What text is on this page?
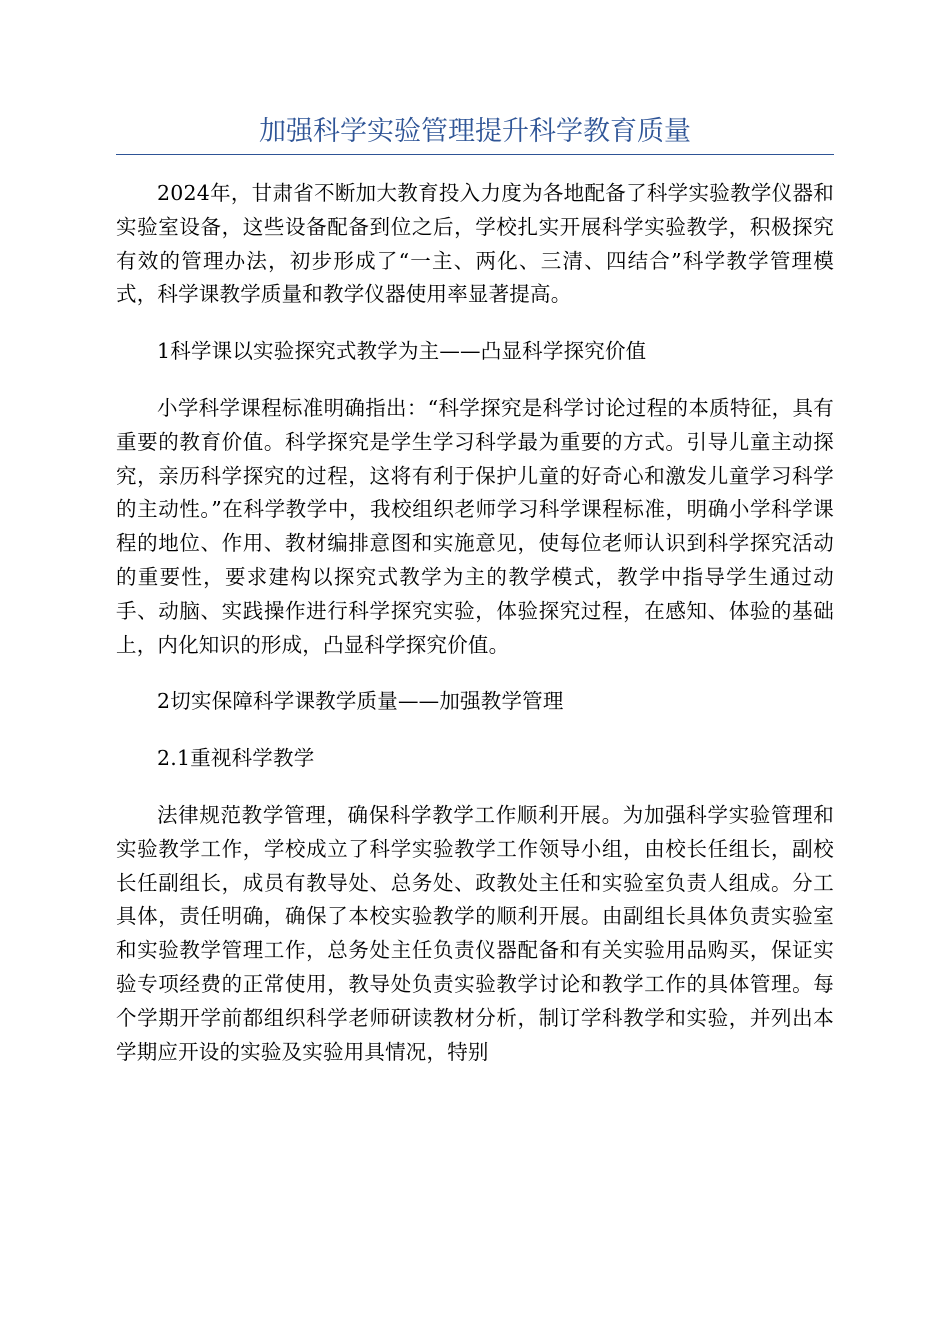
加强科学实验管理提升科学教育质量

2024年，甘肃省不断加大教育投入力度为各地配备了科学实验教学仪器和实验室设备，这些设备配备到位之后，学校扎实开展科学实验教学，积极探究有效的管理办法，初步形成了“一主、两化、三清、四结合”科学教学管理模式，科学课教学质量和教学仪器使用率显著提高。

1科学课以实验探究式教学为主——凸显科学探究价值

小学科学课程标准明确指出：“科学探究是科学讨论过程的本质特征，具有重要的教育价值。科学探究是学生学习科学最为重要的方式。引导儿童主动探究，亲历科学探究的过程，这将有利于保护儿童的好奇心和激发儿童学习科学的主动性。”在科学教学中，我校组织老师学习科学课程标准，明确小学科学课程的地位、作用、教材编排意图和实施意见，使每位老师认识到科学探究活动的重要性，要求建构以探究式教学为主的教学模式，教学中指导学生通过动手、动脑、实践操作进行科学探究实验，体验探究过程，在感知、体验的基础上，内化知识的形成，凸显科学探究价值。

2切实保障科学课教学质量——加强教学管理

2.1重视科学教学

法律规范教学管理，确保科学教学工作顺利开展。为加强科学实验管理和实验教学工作，学校成立了科学实验教学工作领导小组，由校长任组长，副校长任副组长，成员有教导处、总务处、政教处主任和实验室负责人组成。分工具体，责任明确，确保了本校实验教学的顺利开展。由副组长具体负责实验室和实验教学管理工作，总务处主任负责仪器配备和有关实验用品购买，保证实验专项经费的正常使用，教导处负责实验教学讨论和教学工作的具体管理。每个学期开学前都组织科学老师研读教材分析，制订学科教学和实验，并列出本学期应开设的实验及实验用具情况，特别
